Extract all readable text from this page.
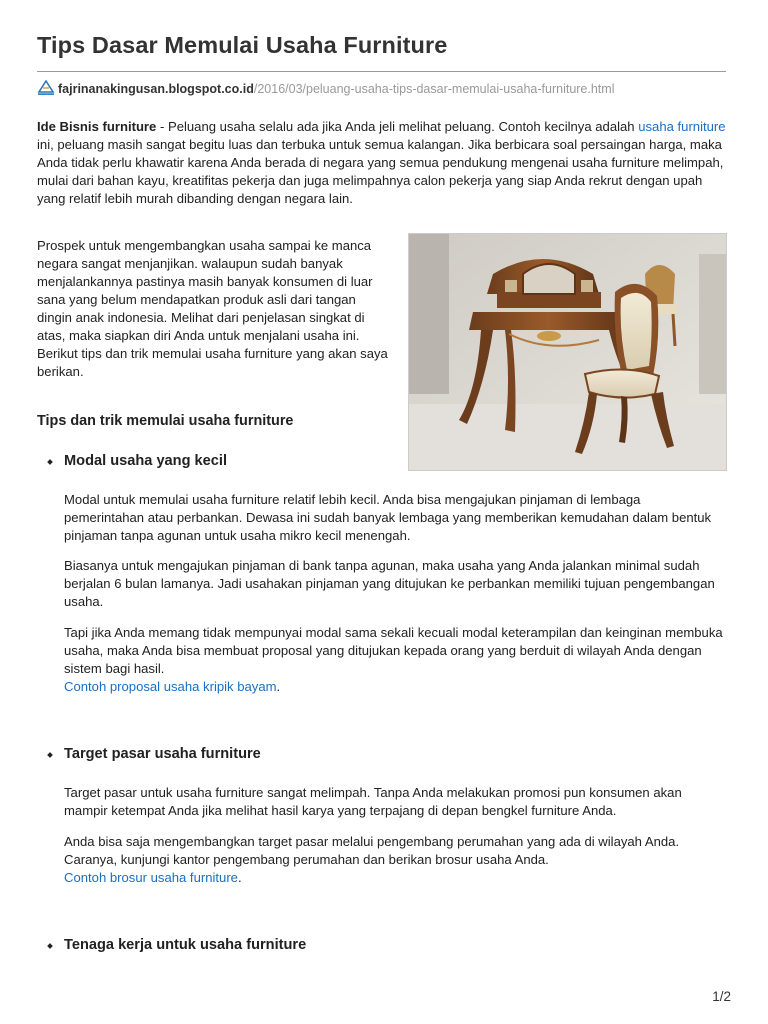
Tips Dasar Memulai Usaha Furniture
fajrinanakingusan.blogspot.co.id/2016/03/peluang-usaha-tips-dasar-memulai-usaha-furniture.html

Ide Bisnis furniture - Peluang usaha selalu ada jika Anda jeli melihat peluang. Contoh kecilnya adalah usaha furniture ini, peluang masih sangat begitu luas dan terbuka untuk semua kalangan. Jika berbicara soal persaingan harga, maka Anda tidak perlu khawatir karena Anda berada di negara yang semua pendukung mengenai usaha furniture melimpah, mulai dari bahan kayu, kreatifitas pekerja dan juga melimpahnya calon pekerja yang siap Anda rekrut dengan upah yang relatif lebih murah dibanding dengan negara lain.

Prospek untuk mengembangkan usaha sampai ke manca negara sangat menjanjikan. walaupun sudah banyak menjalankannya pastinya masih banyak konsumen di luar sana yang belum mendapatkan produk asli dari tangan dingin anak indonesia. Melihat dari penjelasan singkat di atas, maka siapkan diri Anda untuk menjalani usaha ini. Berikut tips dan trik memulai usaha furniture yang akan saya berikan.

Tips dan trik memulai usaha furniture
Modal usaha yang kecil

Modal untuk memulai usaha furniture relatif lebih kecil. Anda bisa mengajukan pinjaman di lembaga pemerintahan atau perbankan. Dewasa ini sudah banyak lembaga yang memberikan kemudahan dalam bentuk pinjaman tanpa agunan untuk usaha mikro kecil menengah.

Biasanya untuk mengajukan pinjaman di bank tanpa agunan, maka usaha yang Anda jalankan minimal sudah berjalan 6 bulan lamanya. Jadi usahakan pinjaman yang ditujukan ke perbankan memiliki tujuan pengembangan usaha.

Tapi jika Anda memang tidak mempunyai modal sama sekali kecuali modal keterampilan dan keinginan membuka usaha, maka Anda bisa membuat proposal yang ditujukan kepada orang yang berduit di wilayah Anda dengan sistem bagi hasil.
Contoh proposal usaha kripik bayam.

Target pasar usaha furniture

Target pasar untuk usaha furniture sangat melimpah. Tanpa Anda melakukan promosi pun konsumen akan mampir ketempat Anda jika melihat hasil karya yang terpajang di depan bengkel furniture Anda.

Anda bisa saja mengembangkan target pasar melalui pengembang perumahan yang ada di wilayah Anda. Caranya, kunjungi kantor pengembang perumahan dan berikan brosur usaha Anda.
Contoh brosur usaha furniture.

Tenaga kerja untuk usaha furniture
1/2
